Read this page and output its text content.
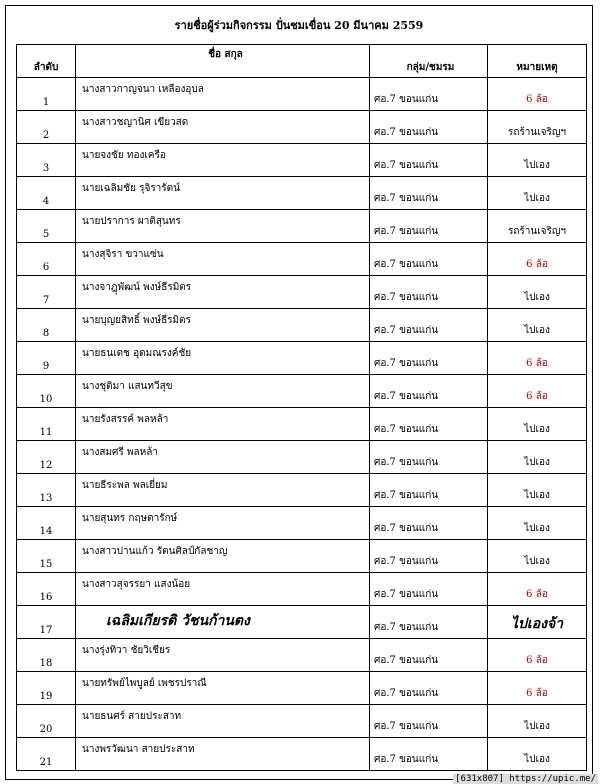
รายชื่อผู้ร่วมกิจกรรม ปั่นชมเขื่อน 20 มีนาคม 2559
ลำดับ	ชื่อ สกุล	กลุ่ม/ชมรม	หมายเหตุ
1	นางสาวกาญจนา เหลืองอุบล	ศอ.7 ขอนแก่น	6 ล้อ
2	นางสาวชญานิศ เขียวสด	ศอ.7 ขอนแก่น	รถร้านเจริญฯ
3	นายจงชัย ทองเครือ	ศอ.7 ขอนแก่น	ไปเอง
4	นายเฉลิมชัย รุจิรารัตน์	ศอ.7 ขอนแก่น	ไปเอง
5	นายปราการ ผาติสุนทร	ศอ.7 ขอนแก่น	รถร้านเจริญฯ
6	นางสุจิรา ขวาแซ่น	ศอ.7 ขอนแก่น	6 ล้อ
7	นางจาฎุพัฒน์ พงษ์ธีรมิตร	ศอ.7 ขอนแก่น	ไปเอง
8	นายบุญยสิทธิ์ พงษ์ธีรมิตร	ศอ.7 ขอนแก่น	ไปเอง
9	นายธนเดช อุดมณรงค์ชัย	ศอ.7 ขอนแก่น	6 ล้อ
10	นางชุติมา แสนทวีสุข	ศอ.7 ขอนแก่น	6 ล้อ
11	นายรังสรรค์ พลหล้า	ศอ.7 ขอนแก่น	ไปเอง
12	นางสมศรี พลหล้า	ศอ.7 ขอนแก่น	ไปเอง
13	นายธีระพล พลเยี่ยม	ศอ.7 ขอนแก่น	ไปเอง
14	นายสุนทร กฤษดารักษ์	ศอ.7 ขอนแก่น	ไปเอง
15	นางสาวปานแก้ว รัตนศิลป์กัลชาญ	ศอ.7 ขอนแก่น	ไปเอง
16	นางสาวสุจรรยา แสงน้อย	ศอ.7 ขอนแก่น	6 ล้อ
17	เฉลิมเกียรติ วัชนก้านตง	ศอ.7 ขอนแก่น	ไปเองจ้า
18	นางรุ่งทิวา ชัยวิเชียร	ศอ.7 ขอนแก่น	6 ล้อ
19	นายทรัพย์ไพบูลย์ เพชรปราณี	ศอ.7 ขอนแก่น	6 ล้อ
20	นายธนศร์ สายประสาท	ศอ.7 ขอนแก่น	ไปเอง
21	นางพรวัฒนา สายประสาท	ศอ.7 ขอนแก่น	ไปเอง
[631x807] https://upic.me/
